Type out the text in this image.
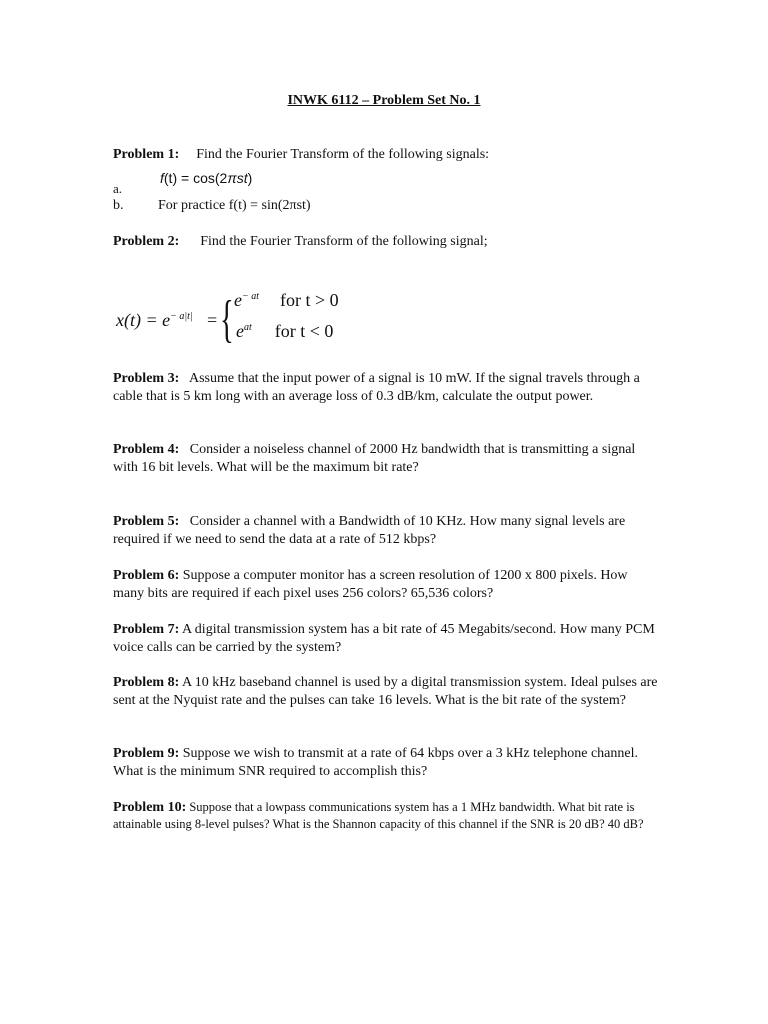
INWK 6112 – Problem Set No. 1
Problem 1: Find the Fourier Transform of the following signals:
f(t) = cos(2πst)
a.
b. For practice f(t) = sin(2πst)
Problem 2: Find the Fourier Transform of the following signal;
$x(t) = e^{- a|t|}$ = { $e^{- at}$ for t > 0
$e^{at}$ for t < 0
Problem 3: Assume that the input power of a signal is 10 mW. If the signal travels through a cable that is 5 km long with an average loss of 0.3 dB/km, calculate the output power.
Problem 4: Consider a noiseless channel of 2000 Hz bandwidth that is transmitting a signal with 16 bit levels. What will be the maximum bit rate?
Problem 5: Consider a channel with a Bandwidth of 10 KHz. How many signal levels are required if we need to send the data at a rate of 512 kbps?
Problem 6: Suppose a computer monitor has a screen resolution of 1200 x 800 pixels. How many bits are required if each pixel uses 256 colors? 65,536 colors?
Problem 7: A digital transmission system has a bit rate of 45 Megabits/second. How many PCM voice calls can be carried by the system?
Problem 8: A 10 kHz baseband channel is used by a digital transmission system. Ideal pulses are sent at the Nyquist rate and the pulses can take 16 levels. What is the bit rate of the system?
Problem 9: Suppose we wish to transmit at a rate of 64 kbps over a 3 kHz telephone channel. What is the minimum SNR required to accomplish this?
Problem 10: Suppose that a lowpass communications system has a 1 MHz bandwidth. What bit rate is attainable using 8-level pulses? What is the Shannon capacity of this channel if the SNR is 20 dB? 40 dB?
